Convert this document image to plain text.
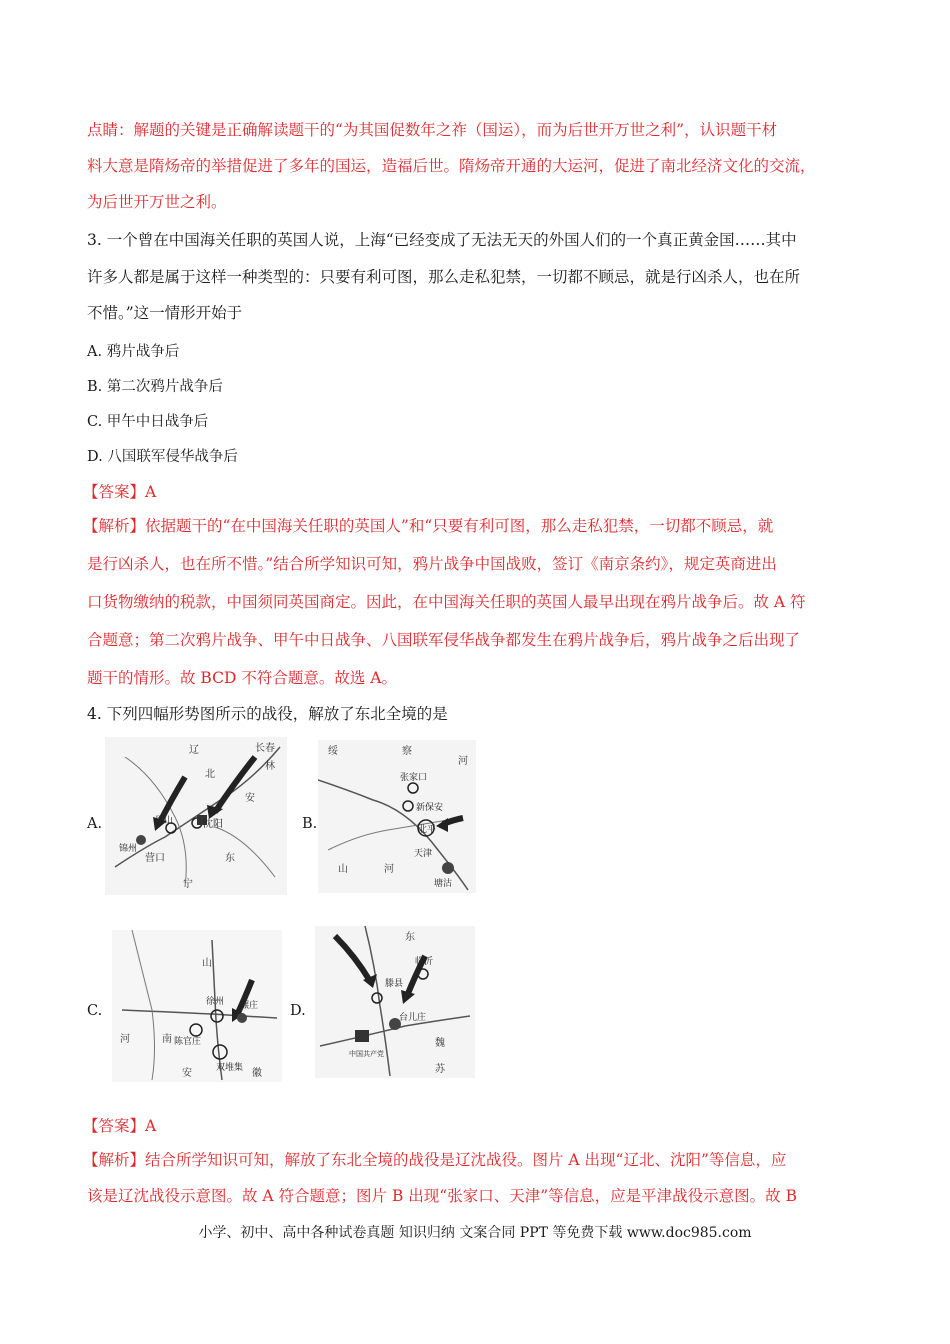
点睛：解题的关键是正确解读题干的“为其国促数年之祚（国运），而为后世开万世之利”，认识题干材
料大意是隋炀帝的举措促进了多年的国运，造福后世。隋炀帝开通的大运河，促进了南北经济文化的交流，
为后世开万世之利。
3. 一个曾在中国海关任职的英国人说，上海“已经变成了无法无天的外国人们的一个真正黄金国……其中
许多人都是属于这样一种类型的：只要有利可图，那么走私犯禁，一切都不顾忌，就是行凶杀人，也在所
不惜。”这一情形开始于
A. 鸦片战争后
B. 第二次鸦片战争后
C. 甲午中日战争后
D. 八国联军侵华战争后
【答案】A
【解析】依据题干的“在中国海关任职的英国人”和“只要有利可图，那么走私犯禁，一切都不顾忌，就
是行凶杀人，也在所不惜。”结合所学知识可知，鸦片战争中国战败，签订《南京条约》，规定英商进出
口货物缴纳的税款，中国须同英国商定。因此，在中国海关任职的英国人最早出现在鸦片战争后。故 A 符
合题意；第二次鸦片战争、甲午中日战争、八国联军侵华战争都发生在鸦片战争后，鸦片战争之后出现了
题干的情形。故 BCD 不符合题意。故选 A。
4. 下列四幅形势图所示的战役，解放了东北全境的是
A.	B.
C.	D.
辽	长春
林
北
安
黑山	沈阳
锦州
营口	东
宁
绥	察
河
张家口
新保安
北平
山	河
天津
塘沽
山
徐州 碾庄
陈官庄
双堆集
河	南
安	徽
东
滕县
临沂
台儿庄
魏
中国共产党
苏
【答案】A
【解析】结合所学知识可知，解放了东北全境的战役是辽沈战役。图片 A 出现“辽北、沈阳”等信息，应
该是辽沈战役示意图。故 A 符合题意；图片 B 出现“张家口、天津”等信息，应是平津战役示意图。故 B
小学、初中、高中各种试卷真题 知识归纳 文案合同 PPT 等免费下载 www.doc985.com
